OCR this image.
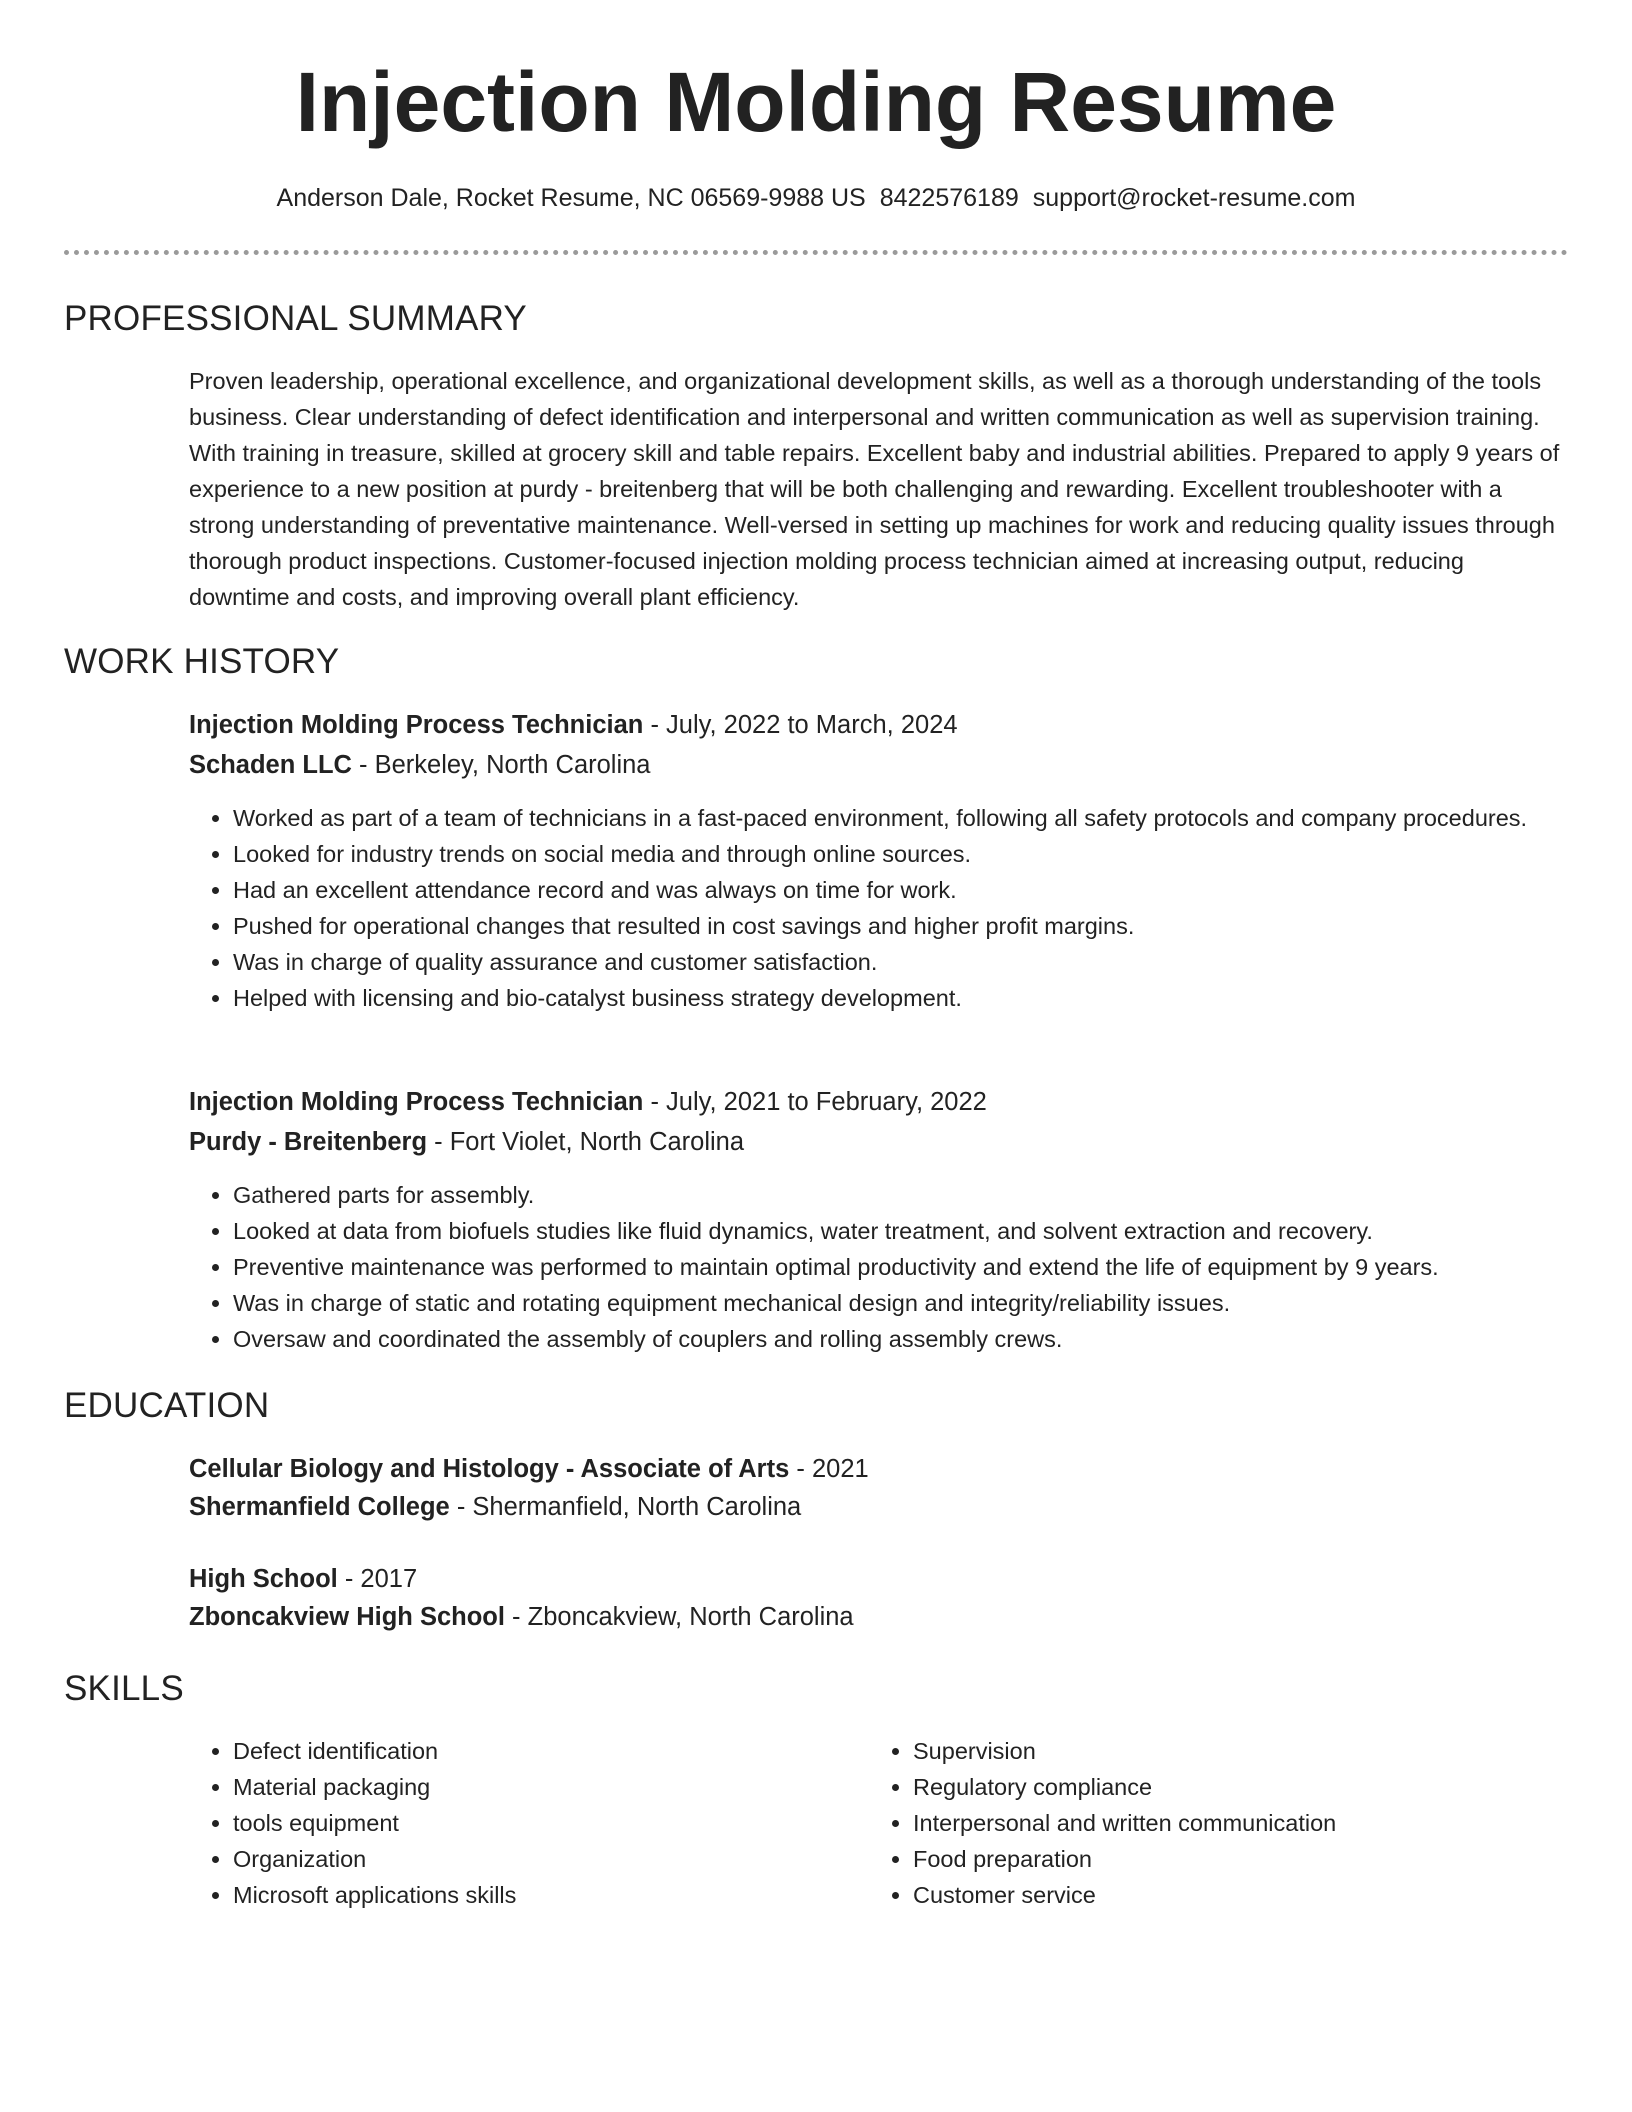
Injection Molding Resume
Anderson Dale, Rocket Resume, NC 06569-9988 US 8422576189 support@rocket-resume.com
PROFESSIONAL SUMMARY

Proven leadership, operational excellence, and organizational development skills, as well as a thorough understanding of the tools business. Clear understanding of defect identification and interpersonal and written communication as well as supervision training. With training in treasure, skilled at grocery skill and table repairs. Excellent baby and industrial abilities. Prepared to apply 9 years of experience to a new position at purdy - breitenberg that will be both challenging and rewarding. Excellent troubleshooter with a strong understanding of preventative maintenance. Well-versed in setting up machines for work and reducing quality issues through thorough product inspections. Customer-focused injection molding process technician aimed at increasing output, reducing downtime and costs, and improving overall plant efficiency.

WORK HISTORY
Injection Molding Process Technician - July, 2022 to March, 2024
Schaden LLC - Berkeley, North Carolina
• Worked as part of a team of technicians in a fast-paced environment, following all safety protocols and company procedures.
• Looked for industry trends on social media and through online sources.
• Had an excellent attendance record and was always on time for work.
• Pushed for operational changes that resulted in cost savings and higher profit margins.
• Was in charge of quality assurance and customer satisfaction.
• Helped with licensing and bio-catalyst business strategy development.
Injection Molding Process Technician - July, 2021 to February, 2022
Purdy - Breitenberg - Fort Violet, North Carolina
• Gathered parts for assembly.
• Looked at data from biofuels studies like fluid dynamics, water treatment, and solvent extraction and recovery.
• Preventive maintenance was performed to maintain optimal productivity and extend the life of equipment by 9 years.
• Was in charge of static and rotating equipment mechanical design and integrity/reliability issues.
• Oversaw and coordinated the assembly of couplers and rolling assembly crews.
EDUCATION
Cellular Biology and Histology - Associate of Arts - 2021
Shermanfield College - Shermanfield, North Carolina
High School - 2017
Zboncakview High School - Zboncakview, North Carolina
SKILLS
• Defect identification
• Material packaging
• tools equipment
• Organization
• Microsoft applications skills
• Supervision
• Regulatory compliance
• Interpersonal and written communication
• Food preparation
• Customer service
